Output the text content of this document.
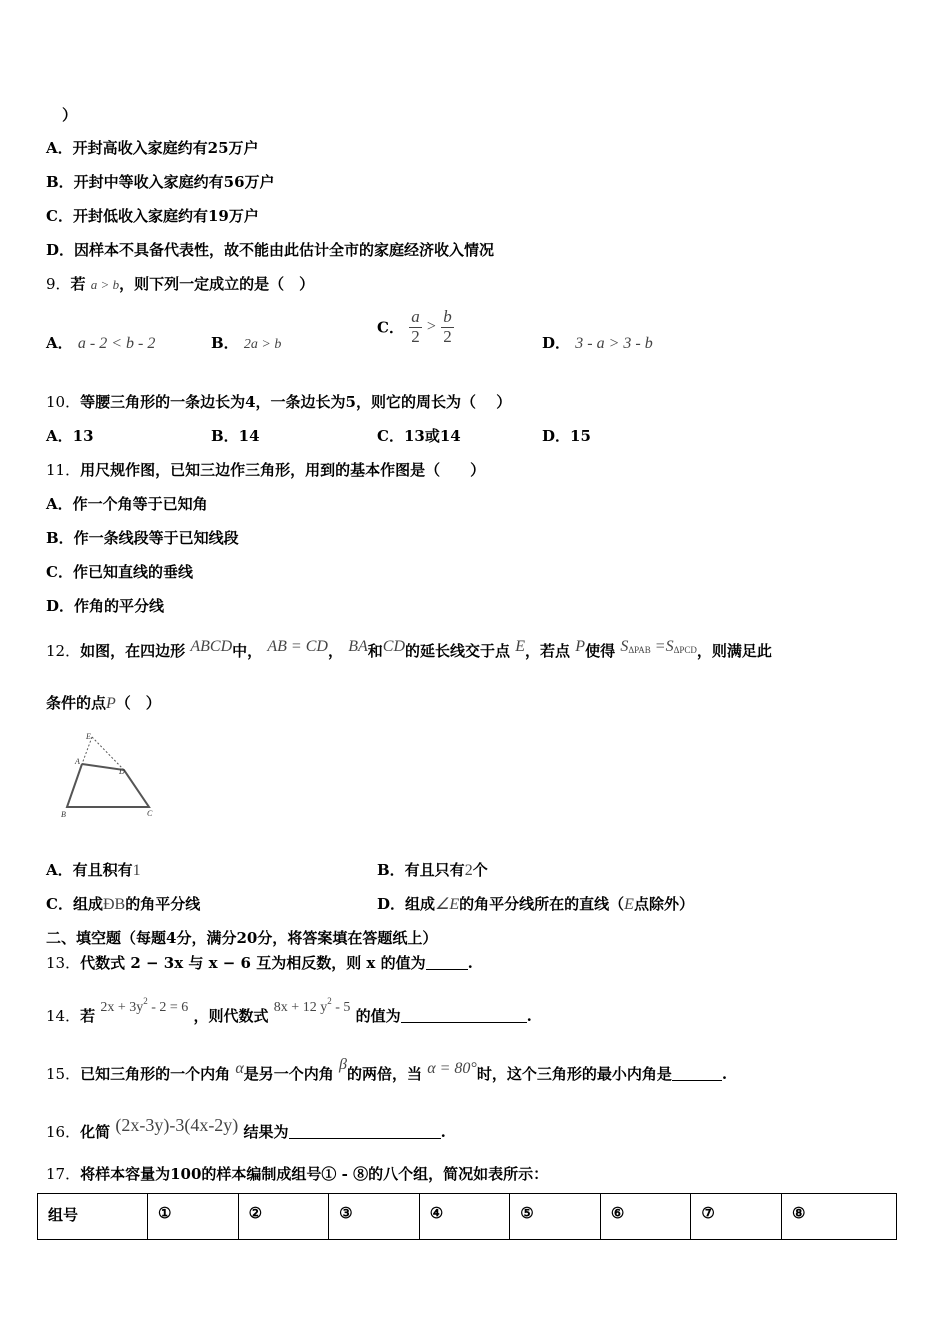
）
A．开封高收入家庭约有25万户
B．开封中等收入家庭约有56万户
C．开封低收入家庭约有19万户
D．因样本不具备代表性，故不能由此估计全市的家庭经济收入情况
9．若 a > b，则下列一定成立的是（　）
A． a - 2 < b - 2	B． 2a > b
C． $\frac{a}{2} > \frac{b}{2}$	D． 3 - a > 3 - b
10．等腰三角形的一条边长为4，一条边长为5，则它的周长为（　 ）
A．13	B．14	C．13或14	D．15
11．用尺规作图，已知三边作三角形，用到的基本作图是（　　）
A．作一个角等于已知角
B．作一条线段等于已知线段
C．作已知直线的垂线
D．作角的平分线
12．如图，在四边形 ABCD中， AB = CD， BA和CD的延长线交于点 E，若点 P使得 $S_{\Delta PAB} =S_{\Delta PCD}$，则满足此
条件的点P（　）
E
A
D
B	C
A．有且积有1	B．有且只有2个
C．组成ÐB的角平分线	D．组成∠E的角平分线所在的直线（E点除外）
二、填空题（每题4分，满分20分，将答案填在答题纸上）
13．代数式 2 − 3x 与 x − 6 互为相反数，则 x 的值为	.
14．若 $2x + 3y^2 - 2 = 6$ ，则代数式 8x + 12 $y^2 - 5$ 的值为	.
15．已知三角形的一个内角 α是另一个内角 β的两倍，当 α = 80°时，这个三角形的最小内角是	.
16．化简 (2x-3y)-3(4x-2y) 结果为	.
17．将样本容量为100的样本编制成组号① - ⑧的八个组，简况如表所示：
组号	①	②	③	④	⑤	⑥	⑦	⑧
